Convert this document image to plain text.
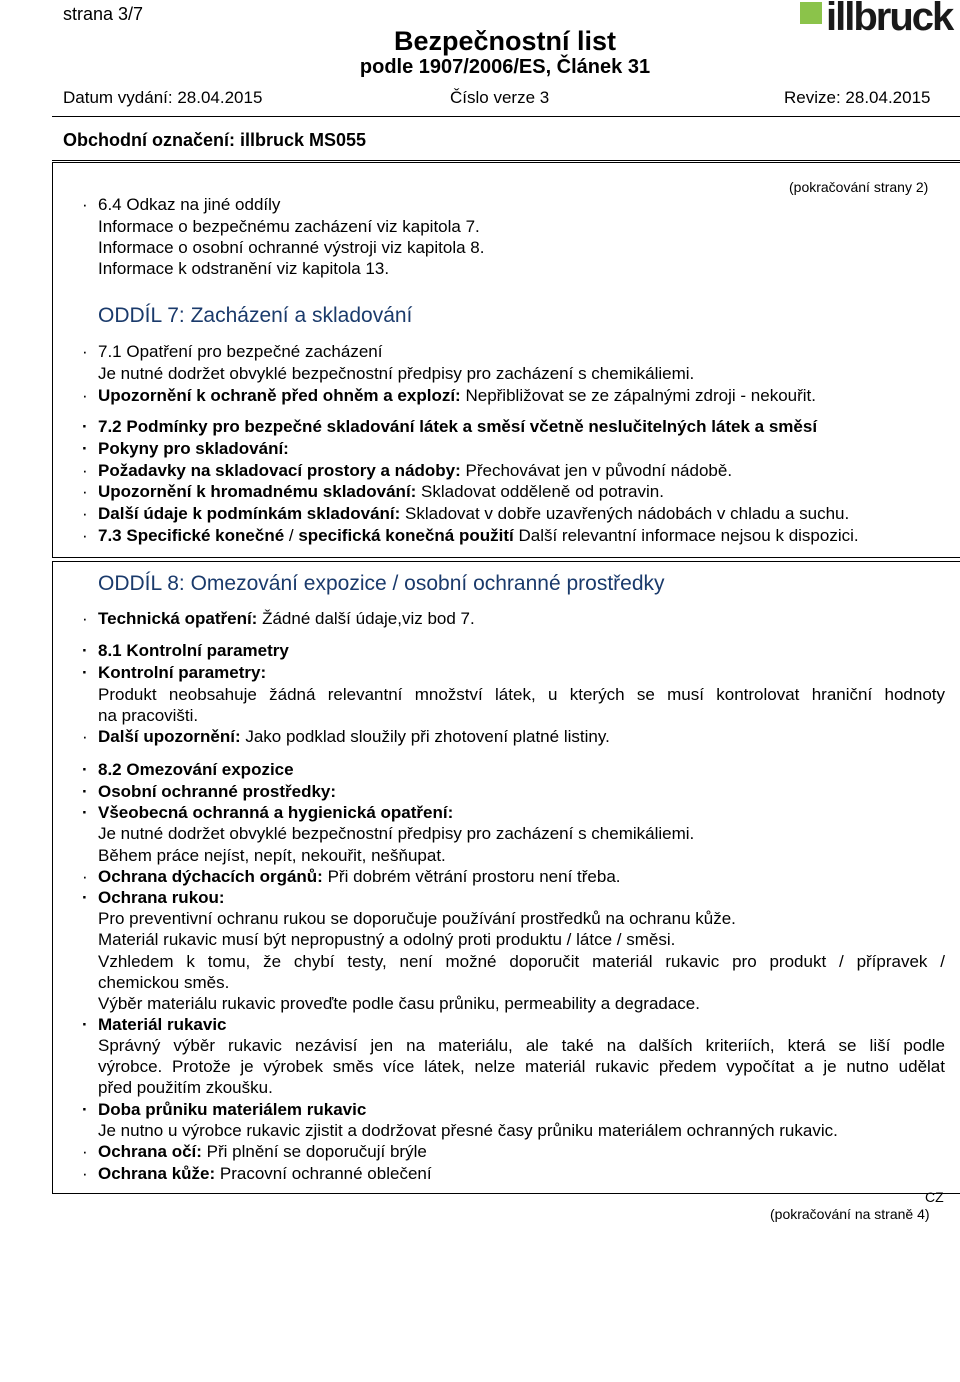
strana 3/7
Bezpečnostní list
podle 1907/2006/ES, Článek 31
illbruck
Datum vydání: 28.04.2015	Číslo verze 3	Revize: 28.04.2015
Obchodní označení: illbruck MS055
(pokračování strany 2)
· 6.4 Odkaz na jiné oddíly
Informace o bezpečnému zacházení viz kapitola 7.
Informace o osobní ochranné výstroji viz kapitola 8.
Informace k odstranění viz kapitola 13.
ODDÍL 7: Zacházení a skladování
· 7.1 Opatření pro bezpečné zacházení
Je nutné dodržet obvyklé bezpečnostní předpisy pro zacházení s chemikáliemi.
· Upozornění k ochraně před ohněm a explozí: Nepřibližovat se ze zápalnými zdroji - nekouřit.
· 7.2 Podmínky pro bezpečné skladování látek a směsí včetně neslučitelných látek a směsí
· Pokyny pro skladování:
· Požadavky na skladovací prostory a nádoby: Přechovávat jen v původní nádobě.
· Upozornění k hromadnému skladování: Skladovat odděleně od potravin.
· Další údaje k podmínkám skladování: Skladovat v dobře uzavřených nádobách v chladu a suchu.
· 7.3 Specifické konečné / specifická konečná použití Další relevantní informace nejsou k dispozici.
ODDÍL 8: Omezování expozice / osobní ochranné prostředky
· Technická opatření: Žádné další údaje,viz bod 7.
· 8.1 Kontrolní parametry
· Kontrolní parametry:
Produkt neobsahuje žádná relevantní množství látek, u kterých se musí kontrolovat hraniční hodnoty
na pracovišti.
· Další upozornění: Jako podklad sloužily při zhotovení platné listiny.
· 8.2 Omezování expozice
· Osobní ochranné prostředky:
· Všeobecná ochranná a hygienická opatření:
Je nutné dodržet obvyklé bezpečnostní předpisy pro zacházení s chemikáliemi.
Během práce nejíst, nepít, nekouřit, nešňupat.
· Ochrana dýchacích orgánů: Při dobrém větrání prostoru není třeba.
· Ochrana rukou:
Pro preventivní ochranu rukou se doporučuje používání prostředků na ochranu kůže.
Materiál rukavic musí být nepropustný a odolný proti produktu / látce / směsi.
Vzhledem k tomu, že chybí testy, není možné doporučit materiál rukavic pro produkt / přípravek /
chemickou směs.
Výběr materiálu rukavic proveďte podle času průniku, permeability a degradace.
· Materiál rukavic
Správný výběr rukavic nezávisí jen na materiálu, ale také na dalších kriteriích, která se liší podle
výrobce. Protože je výrobek směs více látek, nelze materiál rukavic předem vypočítat a je nutno udělat
před použitím zkoušku.
· Doba průniku materiálem rukavic
Je nutno u výrobce rukavic zjistit a dodržovat přesné časy průniku materiálem ochranných rukavic.
· Ochrana očí: Při plnění se doporučují brýle
· Ochrana kůže: Pracovní ochranné oblečení
CZ
(pokračování na straně 4)
